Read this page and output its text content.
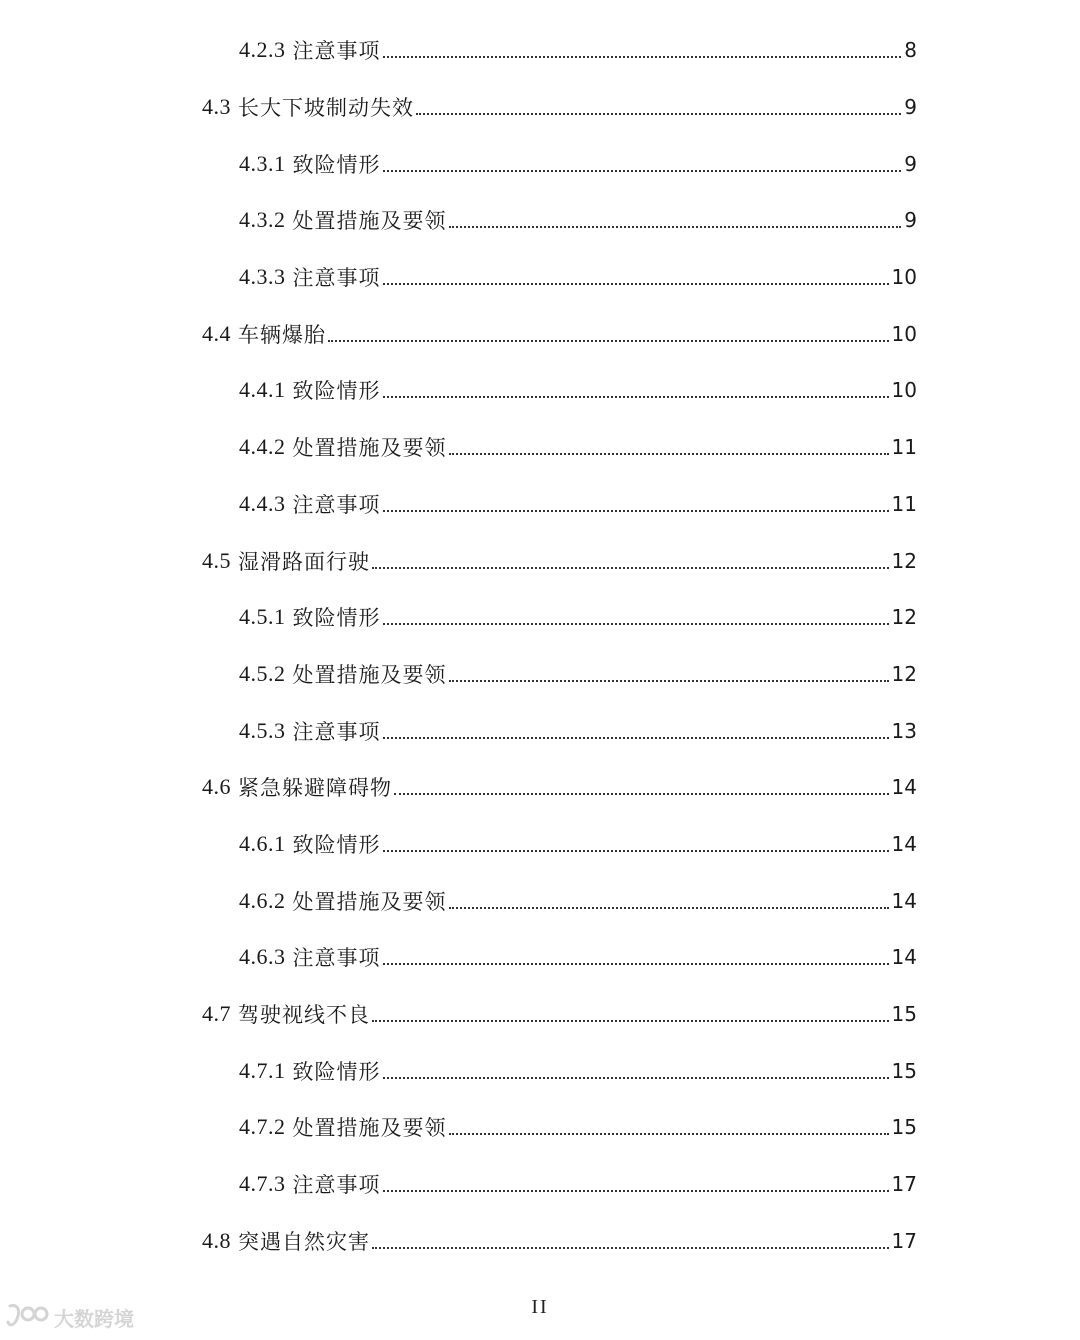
4.2.3 注意事项	8
4.3 长大下坡制动失效	9
4.3.1 致险情形	9
4.3.2 处置措施及要领	9
4.3.3 注意事项	10
4.4 车辆爆胎	10
4.4.1 致险情形	10
4.4.2 处置措施及要领	11
4.4.3 注意事项	11
4.5 湿滑路面行驶	12
4.5.1 致险情形	12
4.5.2 处置措施及要领	12
4.5.3 注意事项	13
4.6 紧急躲避障碍物	14
4.6.1 致险情形	14
4.6.2 处置措施及要领	14
4.6.3 注意事项	14
4.7 驾驶视线不良	15
4.7.1 致险情形	15
4.7.2 处置措施及要领	15
4.7.3 注意事项	17
4.8 突遇自然灾害	17
II
大数跨境
